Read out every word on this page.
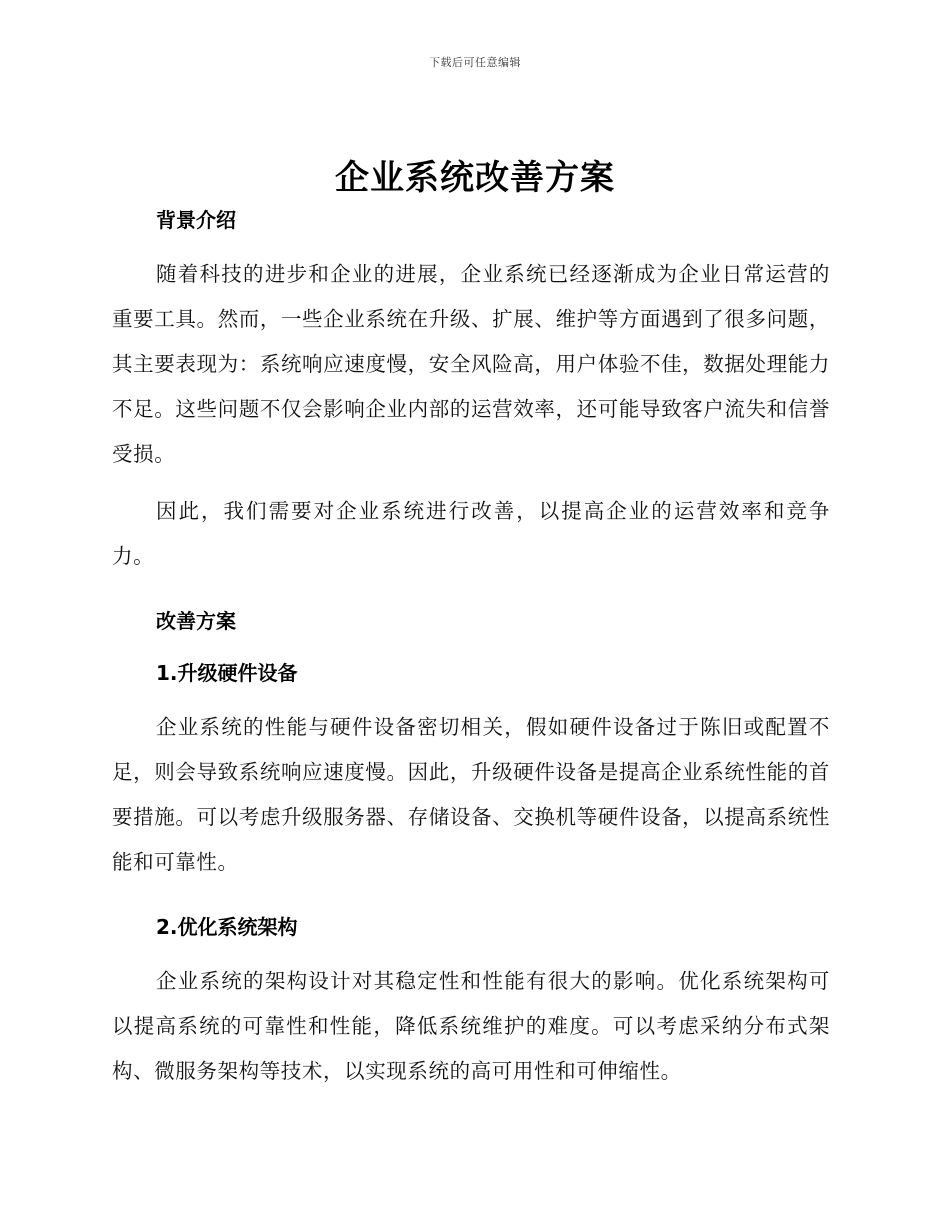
下载后可任意编辑
企业系统改善方案
背景介绍

随着科技的进步和企业的进展，企业系统已经逐渐成为企业日常运营的重要工具。然而，一些企业系统在升级、扩展、维护等方面遇到了很多问题，其主要表现为：系统响应速度慢，安全风险高，用户体验不佳，数据处理能力不足。这些问题不仅会影响企业内部的运营效率，还可能导致客户流失和信誉受损。

因此，我们需要对企业系统进行改善，以提高企业的运营效率和竞争力。

改善方案
1.升级硬件设备

企业系统的性能与硬件设备密切相关，假如硬件设备过于陈旧或配置不足，则会导致系统响应速度慢。因此，升级硬件设备是提高企业系统性能的首要措施。可以考虑升级服务器、存储设备、交换机等硬件设备，以提高系统性能和可靠性。

2.优化系统架构

企业系统的架构设计对其稳定性和性能有很大的影响。优化系统架构可以提高系统的可靠性和性能，降低系统维护的难度。可以考虑采纳分布式架构、微服务架构等技术，以实现系统的高可用性和可伸缩性。
